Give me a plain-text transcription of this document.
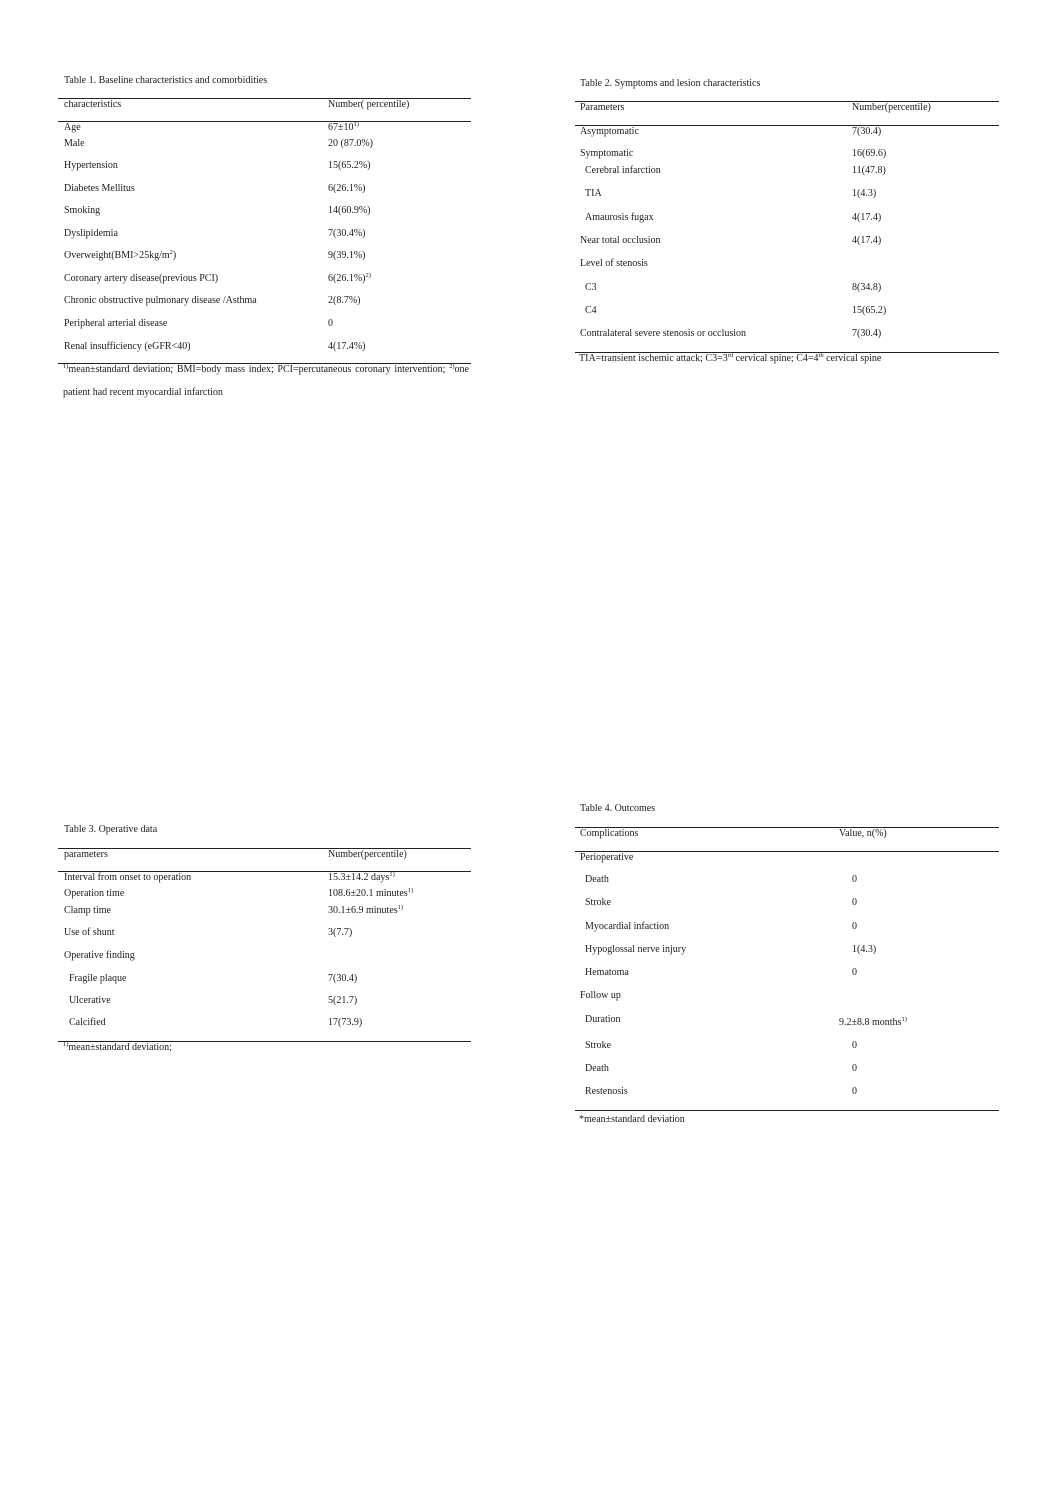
Table 1. Baseline characteristics and comorbidities
characteristics	Number( percentile)
Age	$67\pm 10^{1)}$
Male	20 (87.0%)
Hypertension	15(65.2%)
Diabetes Mellitus	6(26.1%)
Smoking	14(60.9%)
Dyslipidemia	7(30.4%)
$Overweight(BMI>25kg/m^2)$	9(39.1%)
Coronary artery disease(previous PCI)	$6(26.1\%)^{2)}$
Chronic obstructive pulmonary disease /Asthma	2(8.7%)
Peripheral arterial disease	0
Renal insufficiency (eGFR<40)	4(17.4%)
$^{1)}$mean±standard deviation; BMI=body mass index; PCI=percutaneous coronary intervention; $^{2)}$one
patient had recent myocardial infarction
Table 2. Symptoms and lesion characteristics
Parameters	Number(percentile)
Asymptomatic	7(30.4)
Symptomatic	16(69.6)
Cerebral infarction	11(47.8)
TIA	1(4.3)
Amaurosis fugax	4(17.4)
Near total occlusion	4(17.4)
Level of stenosis
C3	8(34.8)
C4	15(65.2)
Contralateral severe stenosis or occlusion	7(30.4)
TIA=transient ischemic attack; C3=3rd cervical spine; C4=4th cervical spine
Table 3. Operative data
parameters	Number(percentile)
Interval from onset to operation	15.3±14.2 days$^{1)}$
Operation time	108.6±20.1 minutes$^{1)}$
Clamp time	30.1±6.9 minutes$^{1)}$
Use of shunt	3(7.7)
Operative finding
Fragile plaque	7(30.4)
Ulcerative	5(21.7)
Calcified	17(73.9)
$^{1)}$mean±standard deviation;
Table 4. Outcomes
Complications	Value, n(%)
Perioperative
Death	0
Stroke	0
Myocardial infaction	0
Hypoglossal nerve injury	1(4.3)
Hematoma	0
Follow up
Duration	9.2±8.8 months$^{1)}$
Stroke	0
Death	0
Restenosis	0
*mean±standard deviation
